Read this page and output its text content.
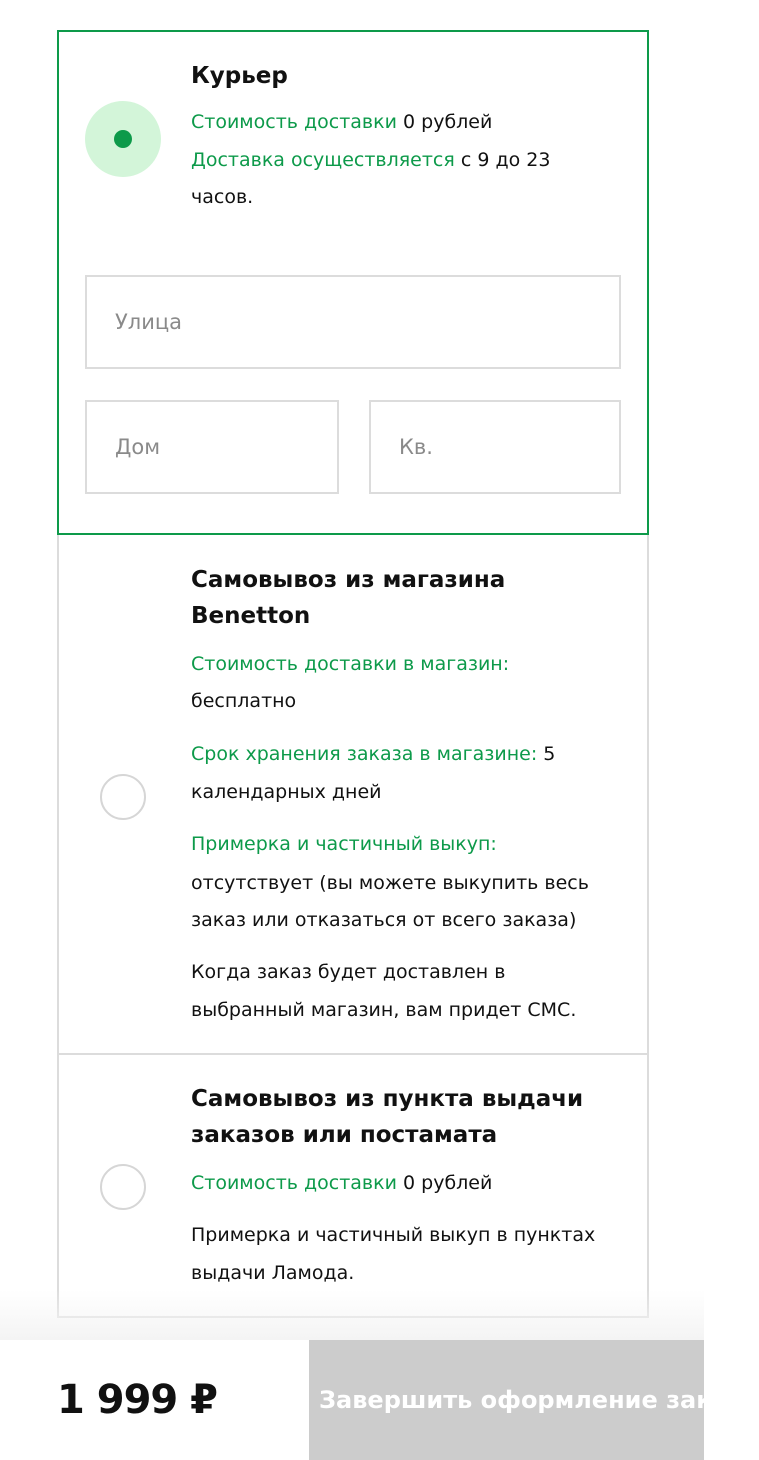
Курьер
Стоимость доставки 0 рублей
Доставка осуществляется с 9 до 23
часов.
Улица
Дом	Кв.
Самовывоз из магазина
Benetton
Стоимость доставки в магазин:
бесплатно
Срок хранения заказа в магазине: 5
календарных дней
Примерка и частичный выкуп:
отсутствует (вы можете выкупить весь
заказ или отказаться от всего заказа)
Когда заказ будет доставлен в
выбранный магазин, вам придет СМС.
Самовывоз из пункта выдачи
заказов или постамата
Стоимость доставки 0 рублей
Примерка и частичный выкуп в пунктах
выдачи Ламода.
1 999 ₽	Завершить оформление заказа
